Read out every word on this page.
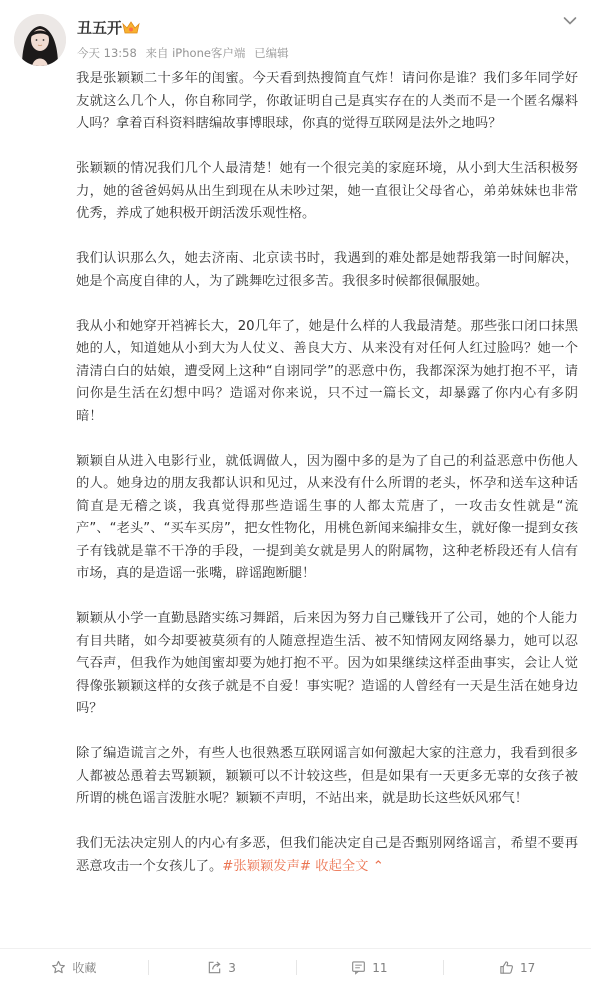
丑五开
今天 13:58 来自 iPhone客户端 已编辑

我是张颖颖二十多年的闺蜜。今天看到热搜简直气炸！请问你是谁？我们多年同学好友就这么几个人，你自称同学，你敢证明自己是真实存在的人类而不是一个匿名爆料人吗？拿着百科资料瞎编故事博眼球，你真的觉得互联网是法外之地吗？

张颖颖的情况我们几个人最清楚！她有一个很完美的家庭环境，从小到大生活积极努力，她的爸爸妈妈从出生到现在从未吵过架，她一直很让父母省心，弟弟妹妹也非常优秀，养成了她积极开朗活泼乐观性格。

我们认识那么久，她去济南、北京读书时，我遇到的难处都是她帮我第一时间解决，她是个高度自律的人，为了跳舞吃过很多苦。我很多时候都很佩服她。

我从小和她穿开裆裤长大，20几年了，她是什么样的人我最清楚。那些张口闭口抹黑她的人，知道她从小到大为人仗义、善良大方、从来没有对任何人红过脸吗？她一个清清白白的姑娘，遭受网上这种“自诩同学”的恶意中伤，我都深深为她打抱不平，请问你是生活在幻想中吗？造谣对你来说，只不过一篇长文，却暴露了你内心有多阴暗！

颖颖自从进入电影行业，就低调做人，因为圈中多的是为了自己的利益恶意中伤他人的人。她身边的朋友我都认识和见过，从来没有什么所谓的老头，怀孕和送车这种话简直是无稽之谈，我真觉得那些造谣生事的人都太荒唐了，一攻击女性就是“流产”、“老头”、“买车买房”，把女性物化，用桃色新闻来编排女生，就好像一提到女孩子有钱就是靠不干净的手段，一提到美女就是男人的附属物，这种老桥段还有人信有市场，真的是造谣一张嘴，辟谣跑断腿！

颖颖从小学一直勤恳踏实练习舞蹈，后来因为努力自己赚钱开了公司，她的个人能力有目共睹，如今却要被莫须有的人随意捏造生活、被不知情网友网络暴力，她可以忍气吞声，但我作为她闺蜜却要为她打抱不平。因为如果继续这样歪曲事实，会让人觉得像张颖颖这样的女孩子就是不自爱！事实呢？造谣的人曾经有一天是生活在她身边吗？

除了编造谎言之外，有些人也很熟悉互联网谣言如何激起大家的注意力，我看到很多人都被怂恿着去骂颖颖，颖颖可以不计较这些，但是如果有一天更多无辜的女孩子被所谓的桃色谣言泼脏水呢？颖颖不声明，不站出来，就是助长这些妖风邪气！

我们无法决定别人的内心有多恶，但我们能决定自己是否甄别网络谣言，希望不要再恶意攻击一个女孩儿了。#张颖颖发声# 收起全文 ⌃

收藏	3	11	17
